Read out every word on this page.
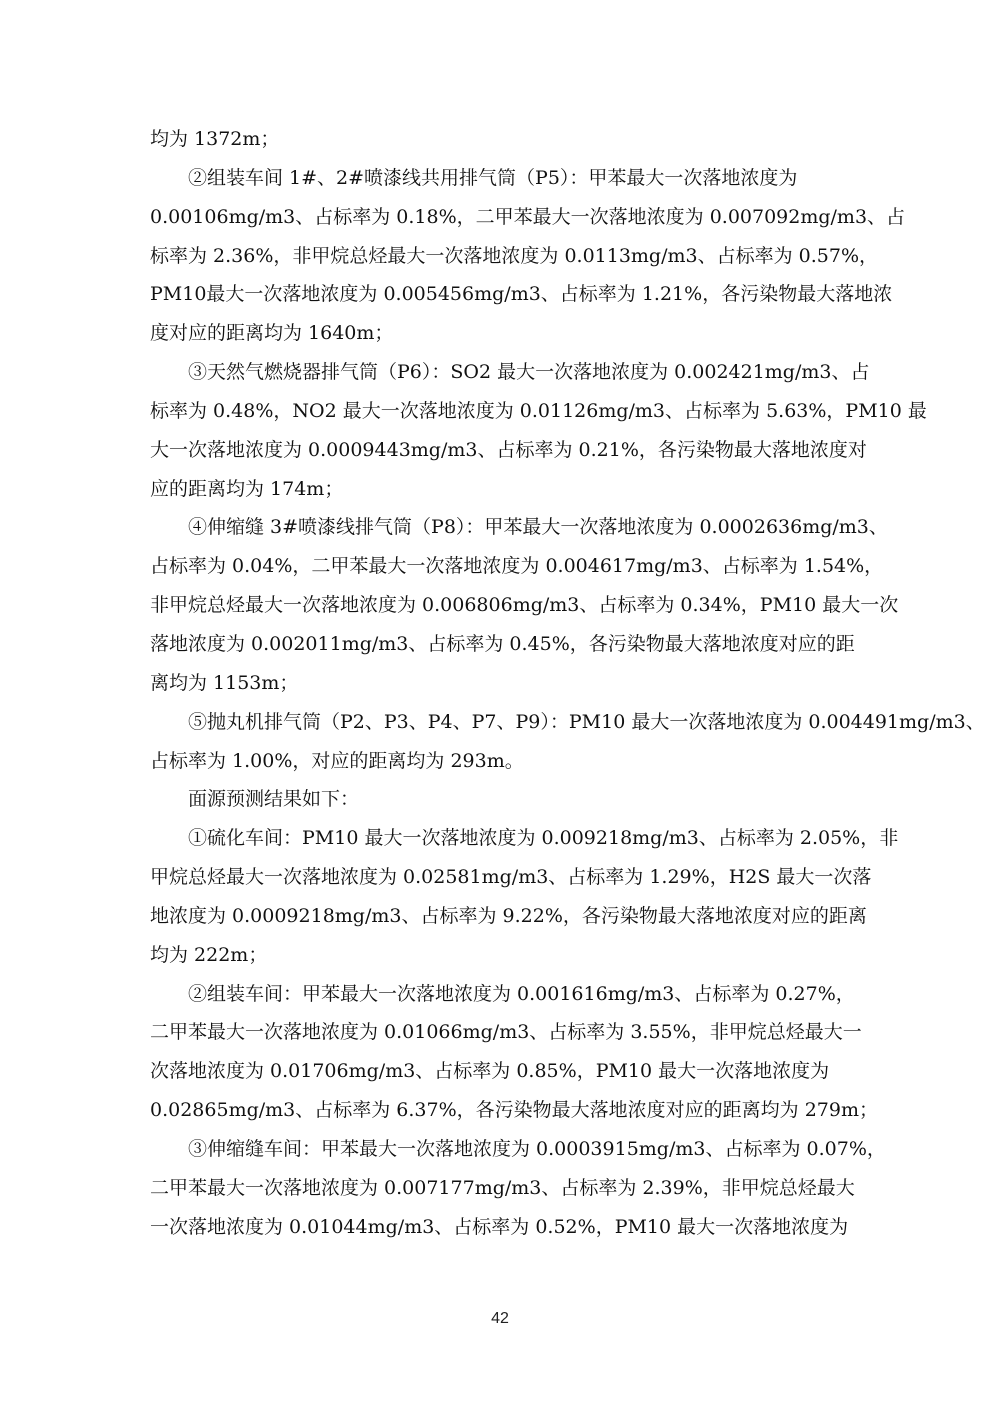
均为 1372m；
②组装车间 1#、2#喷漆线共用排气筒（P5）：甲苯最大一次落地浓度为
0.00106mg/m3、占标率为 0.18%，二甲苯最大一次落地浓度为 0.007092mg/m3、占
标率为 2.36%，非甲烷总烃最大一次落地浓度为 0.0113mg/m3、占标率为 0.57%，
PM10最大一次落地浓度为 0.005456mg/m3、占标率为 1.21%，各污染物最大落地浓
度对应的距离均为 1640m；
③天然气燃烧器排气筒（P6）：SO2 最大一次落地浓度为 0.002421mg/m3、占
标率为 0.48%，NO2 最大一次落地浓度为 0.01126mg/m3、占标率为 5.63%，PM10 最
大一次落地浓度为 0.0009443mg/m3、占标率为 0.21%，各污染物最大落地浓度对
应的距离均为 174m；
④伸缩缝 3#喷漆线排气筒（P8）：甲苯最大一次落地浓度为 0.0002636mg/m3、
占标率为 0.04%，二甲苯最大一次落地浓度为 0.004617mg/m3、占标率为 1.54%，
非甲烷总烃最大一次落地浓度为 0.006806mg/m3、占标率为 0.34%，PM10 最大一次
落地浓度为 0.002011mg/m3、占标率为 0.45%，各污染物最大落地浓度对应的距
离均为 1153m；
⑤抛丸机排气筒（P2、P3、P4、P7、P9）：PM10 最大一次落地浓度为 0.004491mg/m3、
占标率为 1.00%，对应的距离均为 293m。
面源预测结果如下：
①硫化车间：PM10 最大一次落地浓度为 0.009218mg/m3、占标率为 2.05%，非
甲烷总烃最大一次落地浓度为 0.02581mg/m3、占标率为 1.29%，H2S 最大一次落
地浓度为 0.0009218mg/m3、占标率为 9.22%，各污染物最大落地浓度对应的距离
均为 222m；
②组装车间：甲苯最大一次落地浓度为 0.001616mg/m3、占标率为 0.27%，
二甲苯最大一次落地浓度为 0.01066mg/m3、占标率为 3.55%，非甲烷总烃最大一
次落地浓度为 0.01706mg/m3、占标率为 0.85%，PM10 最大一次落地浓度为
0.02865mg/m3、占标率为 6.37%，各污染物最大落地浓度对应的距离均为 279m；
③伸缩缝车间：甲苯最大一次落地浓度为 0.0003915mg/m3、占标率为 0.07%，
二甲苯最大一次落地浓度为 0.007177mg/m3、占标率为 2.39%，非甲烷总烃最大
一次落地浓度为 0.01044mg/m3、占标率为 0.52%，PM10 最大一次落地浓度为
42
